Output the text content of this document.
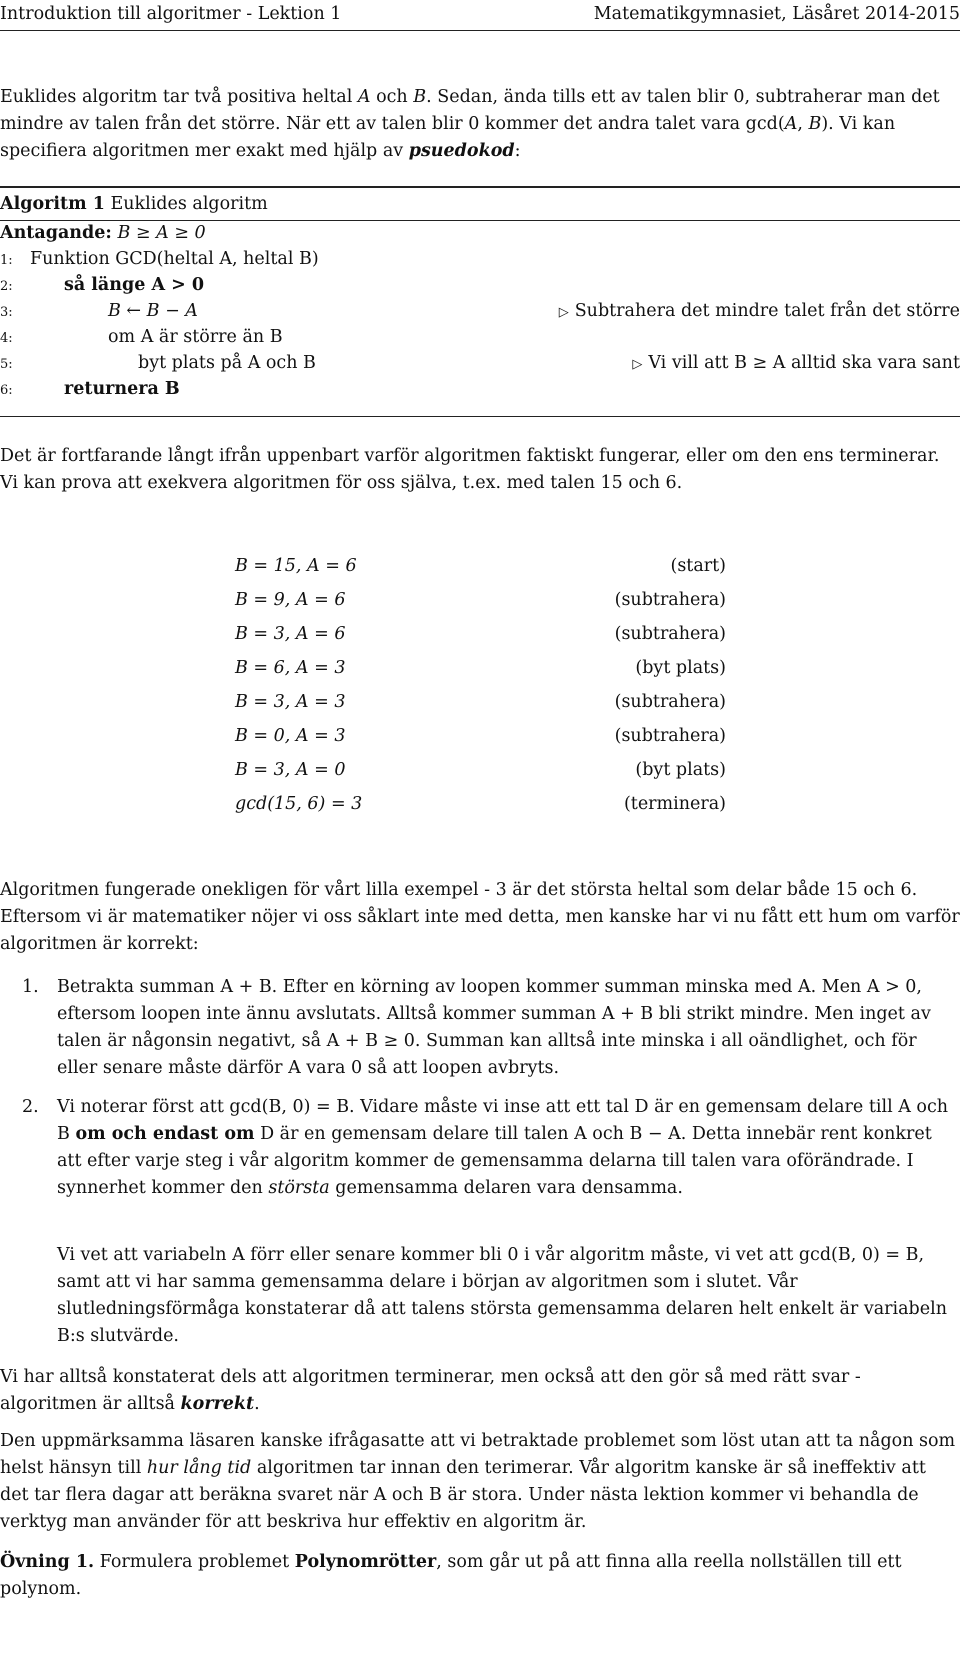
Introduktion till algoritmer - Lektion 1	Matematikgymnasiet, Läsåret 2014-2015

Euklides algoritm tar två positiva heltal A och B. Sedan, ända tills ett av talen blir 0, subtraherar man det mindre av talen från det större. När ett av talen blir 0 kommer det andra talet vara gcd(A, B). Vi kan specifiera algoritmen mer exakt med hjälp av psuedokod:

Algoritm 1 Euklides algoritm
Antagande: B ≥ A ≥ 0
1: Funktion GCD(heltal A, heltal B)
2:	så länge A > 0
3:	B ← B − A	▷ Subtrahera det mindre talet från det större
4:	om A är större än B
5:	byt plats på A och B	▷ Vi vill att B ≥ A alltid ska vara sant
6:	returnera B

Det är fortfarande långt ifrån uppenbart varför algoritmen faktiskt fungerar, eller om den ens terminerar. Vi kan prova att exekvera algoritmen för oss själva, t.ex. med talen 15 och 6.

B = 15, A = 6	(start)
B = 9, A = 6	(subtrahera)
B = 3, A = 6	(subtrahera)
B = 6, A = 3	(byt plats)
B = 3, A = 3	(subtrahera)
B = 0, A = 3	(subtrahera)
B = 3, A = 0	(byt plats)
gcd(15, 6) = 3	(terminera)

Algoritmen fungerade onekligen för vårt lilla exempel - 3 är det största heltal som delar både 15 och 6. Eftersom vi är matematiker nöjer vi oss såklart inte med detta, men kanske har vi nu fått ett hum om varför algoritmen är korrekt:

1. Betrakta summan A + B. Efter en körning av loopen kommer summan minska med A. Men A > 0, eftersom loopen inte ännu avslutats. Alltså kommer summan A + B bli strikt mindre. Men inget av talen är någonsin negativt, så A + B ≥ 0. Summan kan alltså inte minska i all oändlighet, och för eller senare måste därför A vara 0 så att loopen avbryts.

2. Vi noterar först att gcd(B, 0) = B. Vidare måste vi inse att ett tal D är en gemensam delare till A och B om och endast om D är en gemensam delare till talen A och B − A. Detta innebär rent konkret att efter varje steg i vår algoritm kommer de gemensamma delarna till talen vara oförändrade. I synnerhet kommer den största gemensamma delaren vara densamma.

Vi vet att variabeln A förr eller senare kommer bli 0 i vår algoritm måste, vi vet att gcd(B, 0) = B, samt att vi har samma gemensamma delare i början av algoritmen som i slutet. Vår slutledningsförmåga konstaterar då att talens största gemensamma delaren helt enkelt är variabeln B:s slutvärde.

Vi har alltså konstaterat dels att algoritmen terminerar, men också att den gör så med rätt svar - algoritmen är alltså korrekt.

Den uppmärksamma läsaren kanske ifrågasatte att vi betraktade problemet som löst utan att ta någon som helst hänsyn till hur lång tid algoritmen tar innan den terimerar. Vår algoritm kanske är så ineffektiv att det tar flera dagar att beräkna svaret när A och B är stora. Under nästa lektion kommer vi behandla de verktyg man använder för att beskriva hur effektiv en algoritm är.

Övning 1. Formulera problemet Polynomrötter, som går ut på att finna alla reella nollställen till ett polynom.
